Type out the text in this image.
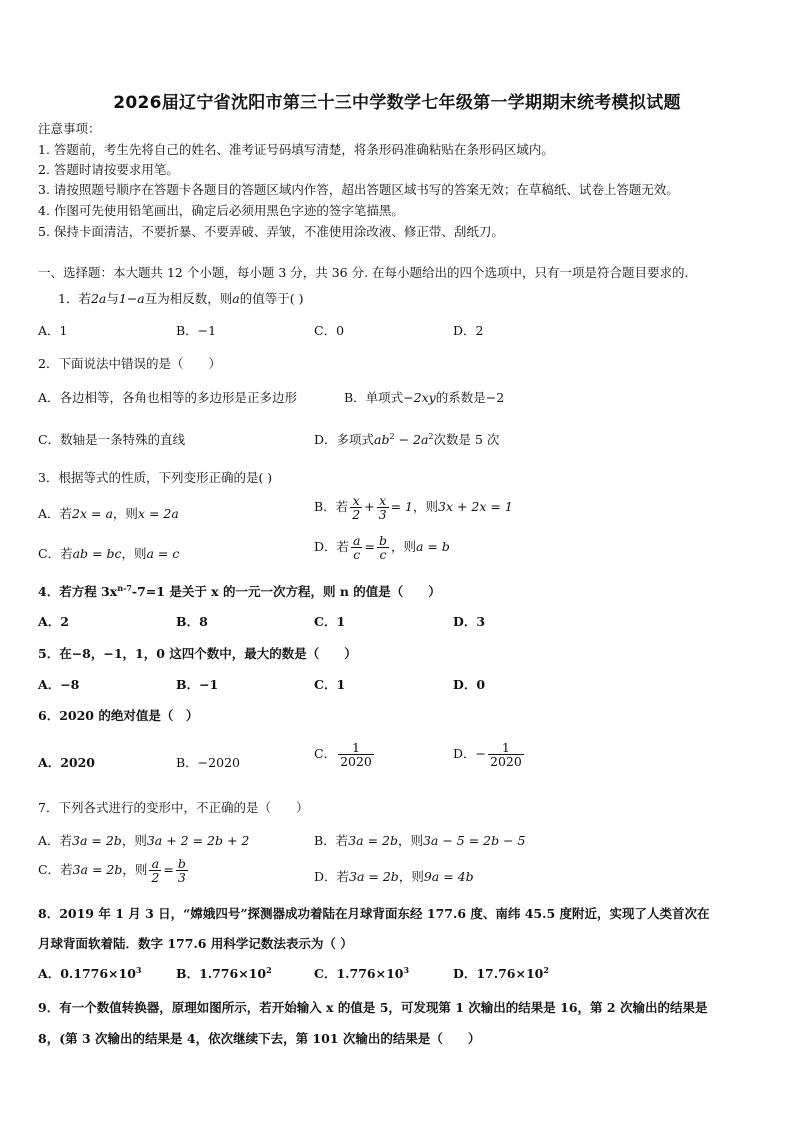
2026届辽宁省沈阳市第三十三中学数学七年级第一学期期末统考模拟试题
注意事项：
1. 答题前，考生先将自己的姓名、准考证号码填写清楚，将条形码准确粘贴在条形码区域内。
2. 答题时请按要求用笔。
3. 请按照题号顺序在答题卡各题目的答题区域内作答，超出答题区域书写的答案无效；在草稿纸、试卷上答题无效。
4. 作图可先使用铅笔画出，确定后必须用黑色字迹的签字笔描黑。
5. 保持卡面清洁，不要折暴、不要弄破、弄皱，不准使用涂改液、修正带、刮纸刀。
一、选择题：本大题共 12 个小题，每小题 3 分，共 36 分. 在每小题给出的四个选项中，只有一项是符合题目要求的.
1．若2a与1−a互为相反数，则a的值等于( )
A．1	B．−1	C．0	D．2
2．下面说法中错误的是（　　）
A．各边相等，各角也相等的多边形是正多边形	B．单项式−2xy的系数是−2
C．数轴是一条特殊的直线	D．多项式$ab^2 - 2a^2$次数是 5 次
3．根据等式的性质，下列变形正确的是( )
A．若2x = a，则x = 2a	B．若 $\frac{x}{2} + \frac{x}{3} = 1$，则3x + 2x = 1
C．若ab = bc，则a = c	D．若 $\frac{a}{c} = \frac{b}{c}$ ，则a = b
4．若方程 $3x^{n-7}-7=1$ 是关于 x 的一元一次方程，则 n 的值是（　　）
A．2	B．8	C．1	D．3
5．在−8，−1，1，0 这四个数中，最大的数是（　　）
A．−8	B．−1	C．1	D．0
6．2020 的绝对值是（　）
A．2020	B．−2020
C． $\frac{1}{2020}$	D．− $\frac{1}{2020}$
7．下列各式进行的变形中，不正确的是（　　）
A．若3a = 2b，则3a + 2 = 2b + 2	B．若3a = 2b，则3a − 5 = 2b − 5
C．若3a = 2b，则 $\frac{a}{2} = \frac{b}{3}$	D．若3a = 2b，则9a = 4b
8．2019 年 1 月 3 日，“嫦娥四号”探测器成功着陆在月球背面东经 177.6 度、南纬 45.5 度附近，实现了人类首次在
月球背面软着陆．数字 177.6 用科学记数法表示为（ ）
A．$0.1776\times 10^3$	B．$1.776\times 10^2$	C．$1.776\times 10^3$	D．$17.76\times 10^2$
9．有一个数值转换器，原理如图所示，若开始输入 x 的值是 5，可发现第 1 次输出的结果是 16，第 2 次输出的结果是
8，(第 3 次输出的结果是 4，依次继续下去，第 101 次输出的结果是（　　）
